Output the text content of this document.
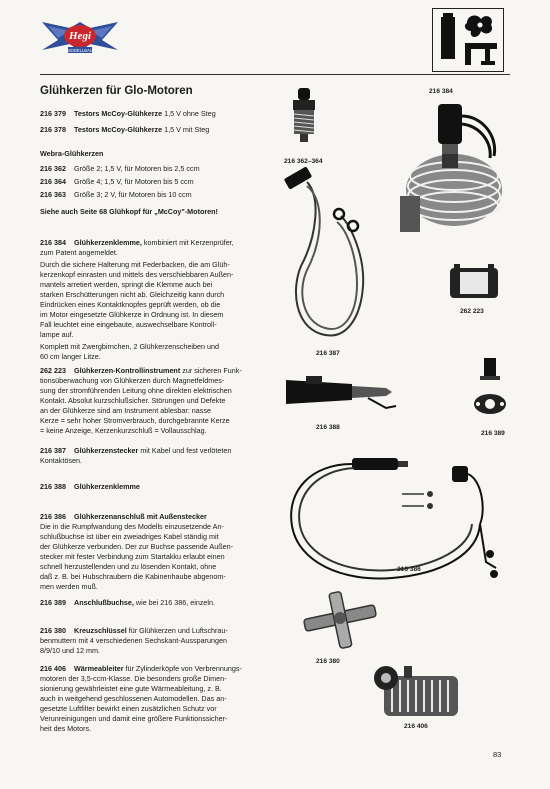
Hegi
MODELLBAU
Glühkerzen für Glo-Motoren
216 379 Testors McCoy-Glühkerze 1,5 V ohne Steg
216 378 Testors McCoy-Glühkerze 1,5 V mit Steg
Webra-Glühkerzen
216 362 Größe 2; 1,5 V, für Motoren bis 2,5 ccm
216 364 Größe 4; 1,5 V, für Motoren bis 5 ccm
216 363 Größe 3; 2 V, für Motoren bis 10 ccm
Siehe auch Seite 68 Glühkopf für „McCoy"-Motoren!
216 384 Glühkerzenklemme, kombiniert mit Kerzenprüfer,
zum Patent angemeldet.
Durch die sichere Halterung mit Federbacken, die am Glüh-
kerzenkopf einrasten und mittels des verschiebbaren Außen-
mantels arretiert werden, springt die Klemme auch bei
starken Erschütterungen nicht ab. Gleichzeitig kann durch
Eindrücken eines Kontaktknopfes geprüft werden, ob die
im Motor eingesetzte Glühkerze in Ordnung ist. In diesem
Fall leuchtet eine eingebaute, auswechselbare Kontroll-
lampe auf.
Komplett mit Zwergbirnchen, 2 Glühkerzenscheiben und
60 cm langer Litze.
262 223 Glühkerzen-Kontrollinstrument zur sicheren Funk-
tionsüberwachung von Glühkerzen durch Magnetfeldmes-
sung der stromführenden Leitung ohne direkten elektrischen
Kontakt. Absolut kurzschlußsicher. Störungen und Defekte
an der Glühkerze sind am Instrument ablesbar: nasse
Kerze = sehr hoher Stromverbrauch, durchgebrannte Kerze
= keine Anzeige, Kerzenkurzschluß = Vollausschlag.
216 387 Glühkerzenstecker mit Kabel und fest verlöteten
Kontaktösen.
216 388 Glühkerzenklemme
216 386 Glühkerzenanschluß mit Außenstecker
Die in die Rumpfwandung des Modells einzusetzende An-
schlußbuchse ist über ein zweiadriges Kabel ständig mit
der Glühkerze verbunden. Der zur Buchse passende Außen-
stecker mit fester Verbindung zum Startakku erlaubt einen
schnell herzustellenden und zu lösenden Kontakt, ohne
daß z. B. bei Hubschraubern die Kabinenhaube abgenom-
men werden muß.
216 389 Anschlußbuchse, wie bei 216 386, einzeln.
216 380 Kreuzschlüssel für Glühkerzen und Luftschrau-
benmuttern mit 4 verschiedenen Sechskant-Aussparungen
8/9/10 und 12 mm.
216 406 Wärmeableiter für Zylinderköpfe von Verbrennungs-
motoren der 3,5-ccm-Klasse. Die besonders große Dimen-
sionierung gewährleistet eine gute Wärmeableitung, z. B.
auch in weitgehend geschlossenen Automodellen. Das an-
gesetzte Luftfilter bewirkt einen zusätzlichen Schutz vor
Verunreinigungen und damit eine größere Funktionssicher-
heit des Motors.
216 362–364
216 384
216 387
262 223
216 388
216 389
216 386
216 380
216 406
83
